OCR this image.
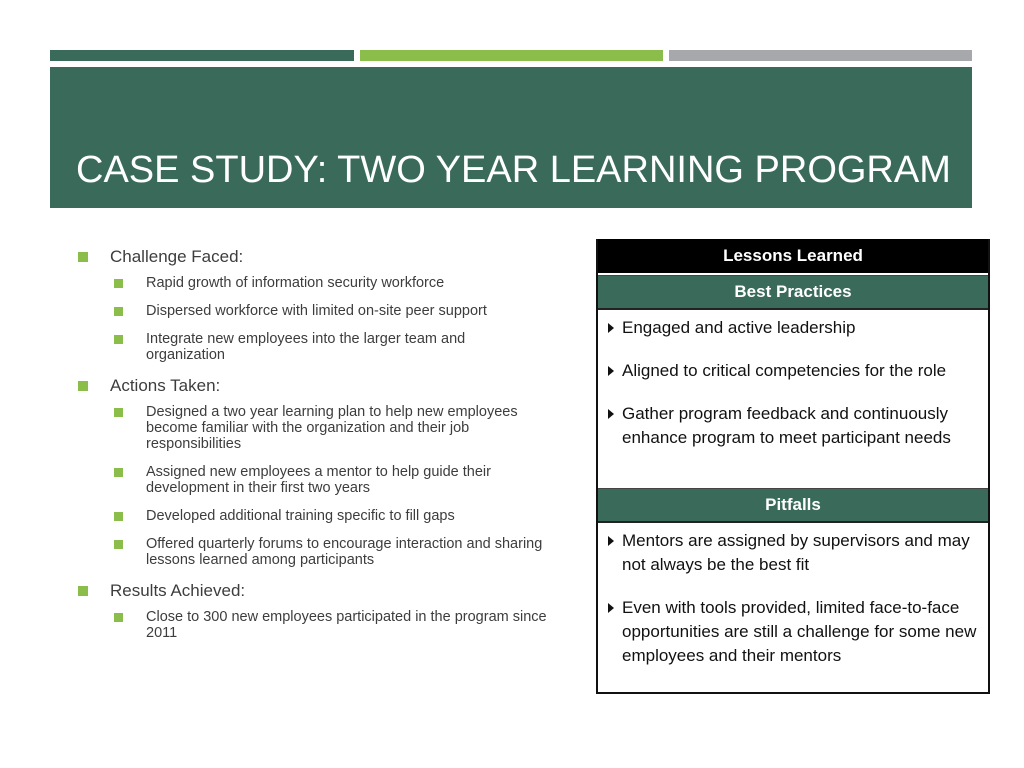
CASE STUDY: TWO YEAR LEARNING PROGRAM
Challenge Faced:
Rapid growth of information security workforce
Dispersed workforce with limited on-site peer support
Integrate new employees into the larger team and organization
Actions Taken:
Designed a two year learning plan to help new employees become familiar with the organization and their job responsibilities
Assigned new employees a mentor to help guide their development in their first two years
Developed additional training specific to fill gaps
Offered quarterly forums to encourage interaction and sharing lessons learned among participants
Results Achieved:
Close to 300 new employees participated in the program since 2011
Lessons Learned
Best Practices
Engaged and active leadership
Aligned to critical competencies for the role
Gather program feedback and continuously enhance program to meet participant needs
Pitfalls
Mentors are assigned by supervisors and may not always be the best fit
Even with tools provided, limited face-to-face opportunities are still a challenge for some new employees and their mentors
